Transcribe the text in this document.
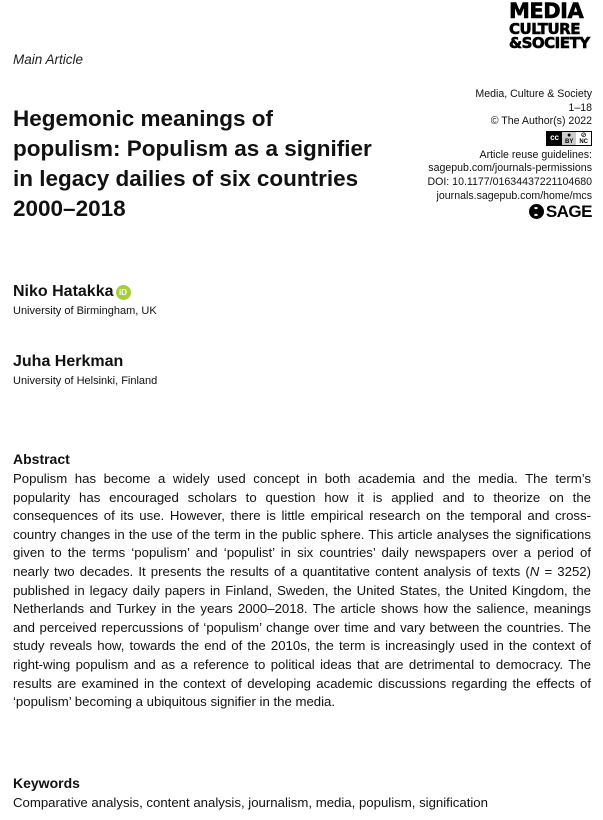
MEDIA
CULTURE
&SOCIETY
Main Article
Hegemonic meanings of populism: Populism as a signifier in legacy dailies of six countries 2000–2018
Media, Culture & Society
1–18
© The Author(s) 2022
cc	●
BY
⊘
NC
Article reuse guidelines:
sagepub.com/journals-permissions
DOI: 10.1177/01634437221104680
journals.sagepub.com/home/mcs
SAGE
Niko Hatakka iD
University of Birmingham, UK
Juha Herkman
University of Helsinki, Finland
Abstract

Populism has become a widely used concept in both academia and the media. The term’s popularity has encouraged scholars to question how it is applied and to theorize on the consequences of its use. However, there is little empirical research on the temporal and cross-country changes in the use of the term in the public sphere. This article analyses the significations given to the terms ‘populism’ and ‘populist’ in six countries’ daily newspapers over a period of nearly two decades. It presents the results of a quantitative content analysis of texts (N = 3252) published in legacy daily papers in Finland, Sweden, the United States, the United Kingdom, the Netherlands and Turkey in the years 2000–2018. The article shows how the salience, meanings and perceived repercussions of ‘populism’ change over time and vary between the countries. The study reveals how, towards the end of the 2010s, the term is increasingly used in the context of right-wing populism and as a reference to political ideas that are detrimental to democracy. The results are examined in the context of developing academic discussions regarding the effects of ‘populism’ becoming a ubiquitous signifier in the media.

Keywords
Comparative analysis, content analysis, journalism, media, populism, signification
